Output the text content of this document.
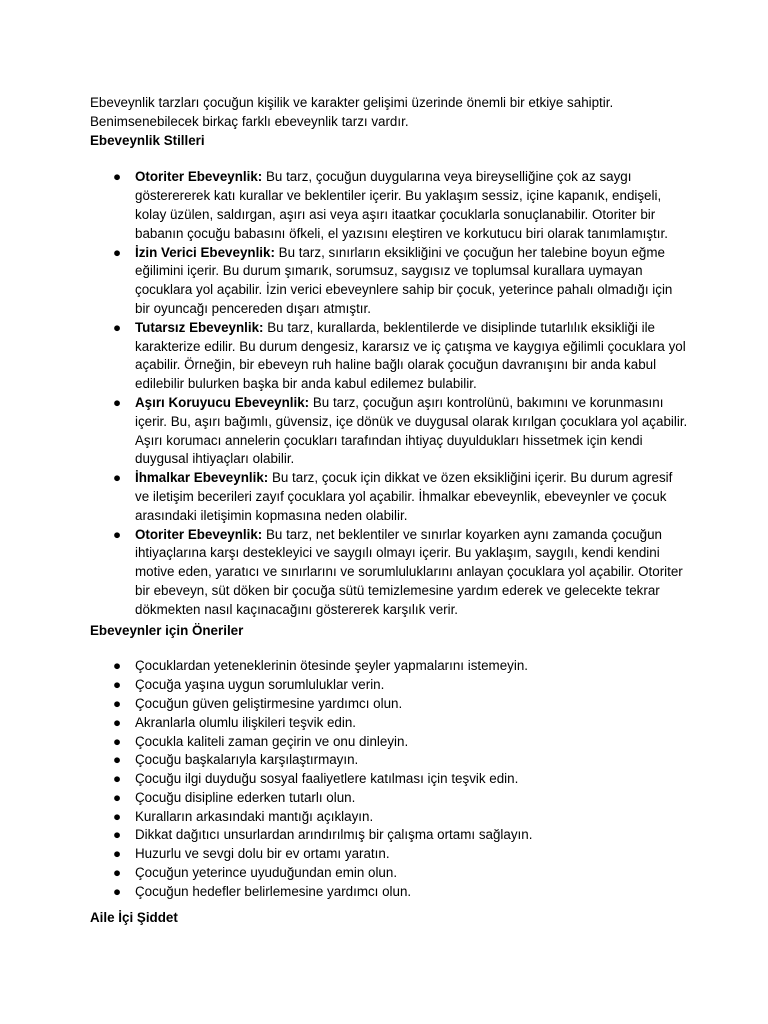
Ebeveynlik tarzları çocuğun kişilik ve karakter gelişimi üzerinde önemli bir etkiye sahiptir.
Benimsenebilecek birkaç farklı ebeveynlik tarzı vardır.

Ebeveynlik Stilleri

● Otoriter Ebeveynlik: Bu tarz, çocuğun duygularına veya bireyselliğine çok az saygı gösterererek katı kurallar ve beklentiler içerir. Bu yaklaşım sessiz, içine kapanık, endişeli, kolay üzülen, saldırgan, aşırı asi veya aşırı itaatkar çocuklarla sonuçlanabilir. Otoriter bir babanın çocuğu babasını öfkeli, el yazısını eleştiren ve korkutucu biri olarak tanımlamıştır.
● İzin Verici Ebeveynlik: Bu tarz, sınırların eksikliğini ve çocuğun her talebine boyun eğme eğilimini içerir. Bu durum şımarık, sorumsuz, saygısız ve toplumsal kurallara uymayan çocuklara yol açabilir. İzin verici ebeveynlere sahip bir çocuk, yeterince pahalı olmadığı için bir oyuncağı pencereden dışarı atmıştır.
● Tutarsız Ebeveynlik: Bu tarz, kurallarda, beklentilerde ve disiplinde tutarlılık eksikliği ile karakterize edilir. Bu durum dengesiz, kararsız ve iç çatışma ve kaygıya eğilimli çocuklara yol açabilir. Örneğin, bir ebeveyn ruh haline bağlı olarak çocuğun davranışını bir anda kabul edilebilir bulurken başka bir anda kabul edilemez bulabilir.
● Aşırı Koruyucu Ebeveynlik: Bu tarz, çocuğun aşırı kontrolünü, bakımını ve korunmasını içerir. Bu, aşırı bağımlı, güvensiz, içe dönük ve duygusal olarak kırılgan çocuklara yol açabilir. Aşırı korumacı annelerin çocukları tarafından ihtiyaç duyuldukları hissetmek için kendi duygusal ihtiyaçları olabilir.
● İhmalkar Ebeveynlik: Bu tarz, çocuk için dikkat ve özen eksikliğini içerir. Bu durum agresif ve iletişim becerileri zayıf çocuklara yol açabilir. İhmalkar ebeveynlik, ebeveynler ve çocuk arasındaki iletişimin kopmasına neden olabilir.
● Otoriter Ebeveynlik: Bu tarz, net beklentiler ve sınırlar koyarken aynı zamanda çocuğun ihtiyaçlarına karşı destekleyici ve saygılı olmayı içerir. Bu yaklaşım, saygılı, kendi kendini motive eden, yaratıcı ve sınırlarını ve sorumluluklarını anlayan çocuklara yol açabilir. Otoriter bir ebeveyn, süt döken bir çocuğa sütü temizlemesine yardım ederek ve gelecekte tekrar dökmekten nasıl kaçınacağını göstererek karşılık verir.

Ebeveynler için Öneriler

● Çocuklardan yeteneklerinin ötesinde şeyler yapmalarını istemeyin.
● Çocuğa yaşına uygun sorumluluklar verin.
● Çocuğun güven geliştirmesine yardımcı olun.
● Akranlarla olumlu ilişkileri teşvik edin.
● Çocukla kaliteli zaman geçirin ve onu dinleyin.
● Çocuğu başkalarıyla karşılaştırmayın.
● Çocuğu ilgi duyduğu sosyal faaliyetlere katılması için teşvik edin.
● Çocuğu disipline ederken tutarlı olun.
● Kuralların arkasındaki mantığı açıklayın.
● Dikkat dağıtıcı unsurlardan arındırılmış bir çalışma ortamı sağlayın.
● Huzurlu ve sevgi dolu bir ev ortamı yaratın.
● Çocuğun yeterince uyuduğundan emin olun.
● Çocuğun hedefler belirlemesine yardımcı olun.

Aile İçi Şiddet
